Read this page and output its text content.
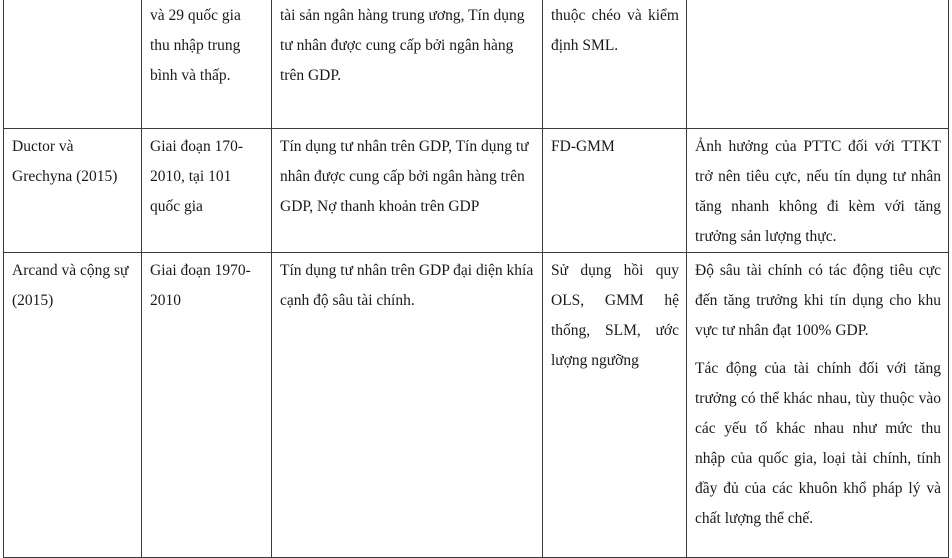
	và 29 quốc gia thu nhập trung bình và thấp.	tài sản ngân hàng trung ương, Tín dụng tư nhân được cung cấp bởi ngân hàng trên GDP.	thuộc chéo và kiểm định SML.	

Ductor và Grechyna (2015)	Giai đoạn 170-2010, tại 101 quốc gia	Tín dụng tư nhân trên GDP, Tín dụng tư nhân được cung cấp bởi ngân hàng trên GDP, Nợ thanh khoản trên GDP	FD-GMM	Ảnh hưởng của PTTC đối với TTKT trở nên tiêu cực, nếu tín dụng tư nhân tăng nhanh không đi kèm với tăng trưởng sản lượng thực.

Arcand và cộng sự (2015)	Giai đoạn 1970-2010	Tín dụng tư nhân trên GDP đại diện khía cạnh độ sâu tài chính.	Sử dụng hồi quy OLS, GMM hệ thống, SLM, ước lượng ngưỡng	Độ sâu tài chính có tác động tiêu cực đến tăng trưởng khi tín dụng cho khu vực tư nhân đạt 100% GDP.
Tác động của tài chính đối với tăng trưởng có thể khác nhau, tùy thuộc vào các yếu tố khác nhau như mức thu nhập của quốc gia, loại tài chính, tính đầy đủ của các khuôn khổ pháp lý và chất lượng thể chế.
